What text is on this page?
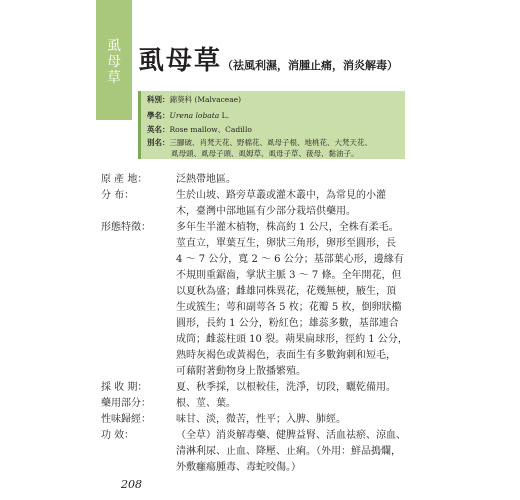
虱
母
草
虱母草（祛風利濕，消腫止痛，消炎解毒）
科別：錦葵科 (Malvaceae)
學名：Urena lobata L.
英名：Rose mallow、Cadillo
別名：三腳破、肖梵天花、野棉花、虱母子根、地桃花、大梵天花、
虱母頭、虱母子頭、虱姆草、虱母子草、菝母、黏油子。
原 產 地：	泛熱帶地區。
分 布：	生於山坡、路旁草叢或灌木叢中，為常見的小灌
木，臺灣中部地區有少部分栽培供藥用。
形態特徵：	多年生半灌木植物，株高約 1 公尺，全株有柔毛。
莖直立，單葉互生，卵狀三角形，卵形至圓形，長
4 ～ 7 公分，寬 2 ～ 6 公分；基部葉心形，邊緣有
不規則重鋸齒，掌狀主脈 3 ～ 7 條。全年開花，但
以夏秋為盛；雌雄同株異花，花幾無梗，腋生，頂
生或簇生；萼和副萼各 5 枚；花瓣 5 枚，倒卵狀橢
圓形，長約 1 公分，粉紅色；雄蕊多數，基部連合
成筒；雌蕊柱頭 10 裂。蒴果扁球形，徑約 1 公分，
熟時灰褐色或黃褐色，表面生有多數鉤刺和短毛，
可藉附著動物身上散播繁殖。
採 收 期：	夏、秋季採，以根較佳，洗淨，切段，曬乾備用。
藥用部分：	根、莖、葉。
性味歸經：	味甘、淡，微苦，性平；入脾、肺經。
功 效：	（全草）消炎解毒藥、健脾益腎、活血祛瘀、涼血、
清淋利尿、止血、降壓、止痢。（外用：鮮品搗爛，
外敷癰瘍腫毒、毒蛇咬傷。）
208
